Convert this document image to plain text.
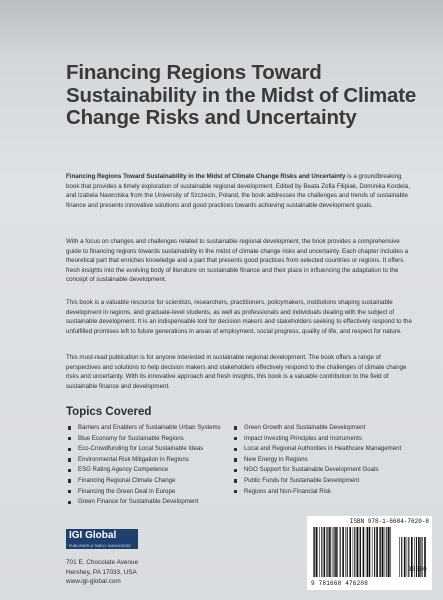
Financing Regions Toward Sustainability in the Midst of Climate Change Risks and Uncertainty

Financing Regions Toward Sustainability in the Midst of Climate Change Risks and Uncertainty is a groundbreaking book that provides a timely exploration of sustainable regional development. Edited by Beata Zofia Filipiak, Dominika Kordela, and Izabela Nawrolska from the University of Szczecin, Poland, the book addresses the challenges and trends of sustainable finance and presents innovative solutions and good practices towards achieving sustainable development goals.

With a focus on changes and challenges related to sustainable regional development, the book provides a comprehensive guide to financing regions towards sustainability in the midst of climate change risks and uncertainty. Each chapter includes a theoretical part that enriches knowledge and a part that presents good practices from selected countries or regions. It offers fresh insights into the evolving body of literature on sustainable finance and their place in influencing the adaptation to the concept of sustainable development.

This book is a valuable resource for scientists, researchers, practitioners, policymakers, institutions shaping sustainable development in regions, and graduate-level students, as well as professionals and individuals dealing with the subject of sustainable development. It is an indispensable tool for decision makers and stakeholders seeking to effectively respond to the unfulfilled promises left to future generations in areas of employment, social progress, quality of life, and respect for nature.

This must-read publication is for anyone interested in sustainable regional development. The book offers a range of perspectives and solutions to help decision makers and stakeholders effectively respond to the challenges of climate change risks and uncertainty. With its innovative approach and fresh insights, this book is a valuable contribution to the field of sustainable finance and development.

Topics Covered
Barriers and Enablers of Sustainable Urban Systems
Blue Economy for Sustainable Regions
Eco-Crowdfunding for Local Sustainable Ideas
Environmental Risk Mitigation in Regions
ESG Rating Agency Competence
Financing Regional Climate Change
Financing the Green Deal in Europe
Green Finance for Sustainable Development
Green Growth and Sustainable Development
Impact Investing Principles and Instruments
Local and Regional Authorities in Healthcare Management
New Energy in Regions
NGO Support for Sustainable Development Goals
Public Funds for Sustainable Development
Regions and Non-Financial Risk
IGI Global
PUBLISHER of TIMELY KNOWLEDGE

701 E. Chocolate Avenue
Hershey, PA 17033, USA
www.igi-global.com

ISBN 978-1-6684-7620-8
9 781668 476208
90000
